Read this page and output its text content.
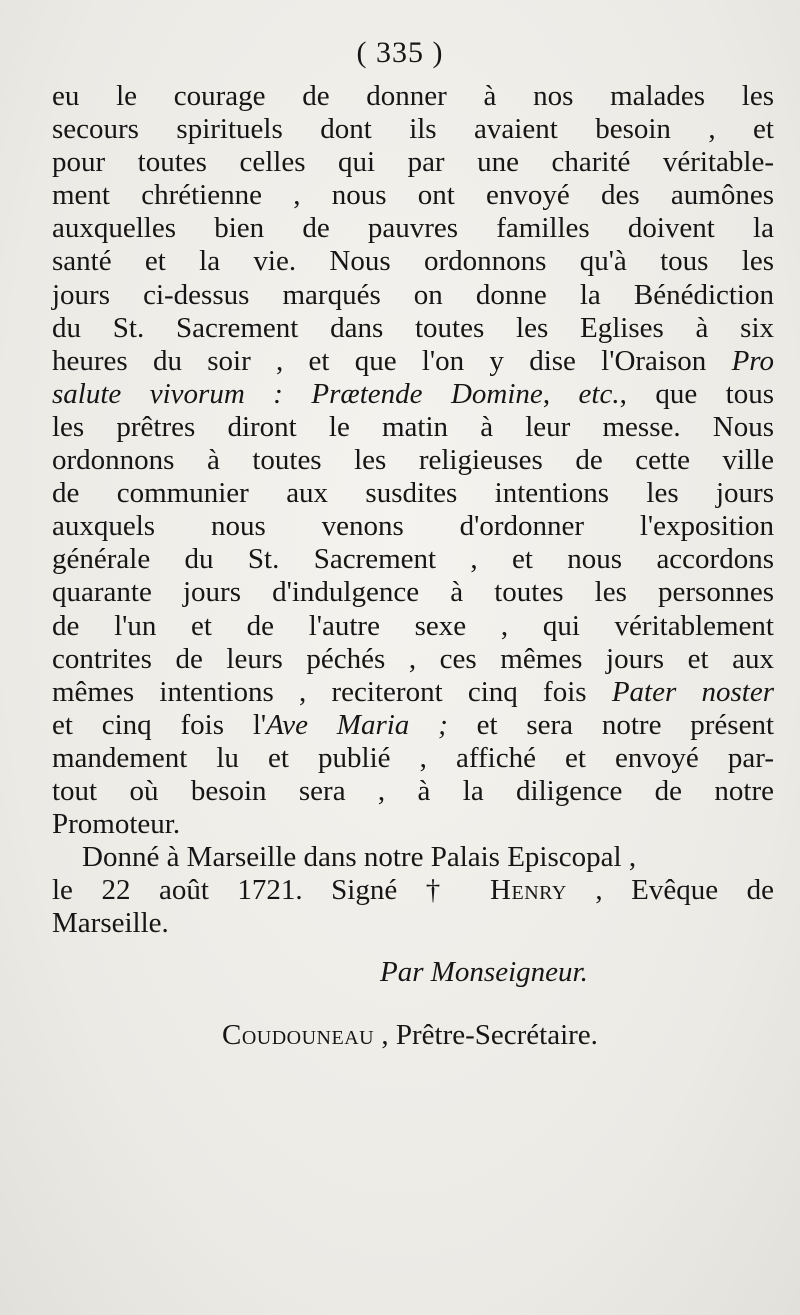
( 335 )
eu le courage de donner à nos malades les
secours spirituels dont ils avaient besoin , et
pour toutes celles qui par une charité véritable-
ment chrétienne , nous ont envoyé des aumônes
auxquelles bien de pauvres familles doivent la
santé et la vie. Nous ordonnons qu'à tous les
jours ci-dessus marqués on donne la Bénédiction
du St. Sacrement dans toutes les Eglises à six
heures du soir , et que l'on y dise l'Oraison Pro
salute vivorum : Prætende Domine, etc., que tous
les prêtres diront le matin à leur messe. Nous
ordonnons à toutes les religieuses de cette ville
de communier aux susdites intentions les jours
auxquels nous venons d'ordonner l'exposition
générale du St. Sacrement , et nous accordons
quarante jours d'indulgence à toutes les personnes
de l'un et de l'autre sexe , qui véritablement
contrites de leurs péchés , ces mêmes jours et aux
mêmes intentions , reciteront cinq fois Pater noster
et cinq fois l'Ave Maria ; et sera notre présent
mandement lu et publié , affiché et envoyé par-
tout où besoin sera , à la diligence de notre
Promoteur.
Donné à Marseille dans notre Palais Episcopal ,
le 22 août 1721. Signé † Henry , Evêque de
Marseille.
Par Monseigneur.
Coudouneau , Prêtre-Secrétaire.
